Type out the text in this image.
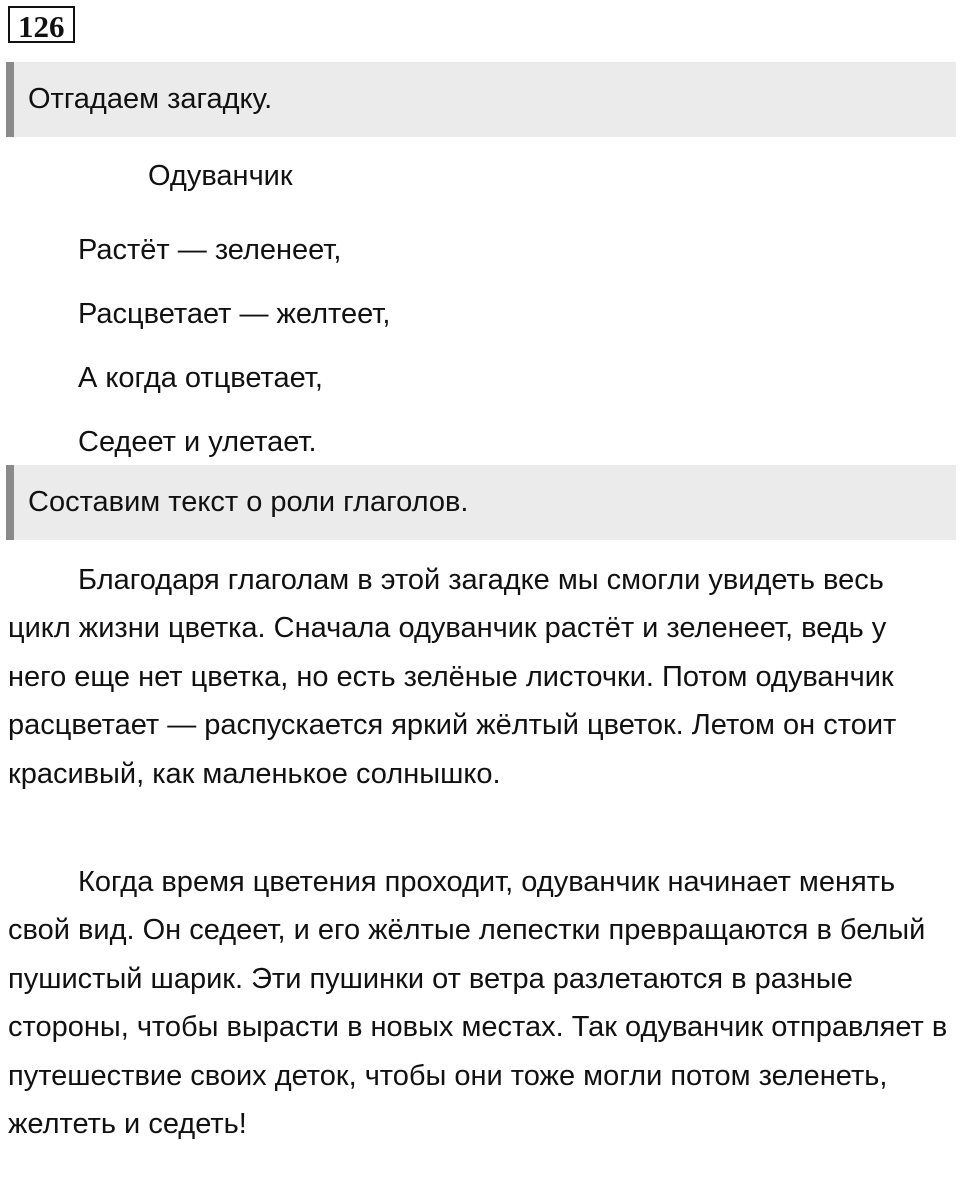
126
Отгадаем загадку.
Одуванчик
Растёт — зеленеет,
Расцветает — желтеет,
А когда отцветает,
Седеет и улетает.
Составим текст о роли глаголов.

Благодаря глаголам в этой загадке мы смогли увидеть весь цикл жизни цветка. Сначала одуванчик растёт и зеленеет, ведь у него еще нет цветка, но есть зелёные листочки. Потом одуванчик расцветает — распускается яркий жёлтый цветок. Летом он стоит красивый, как маленькое солнышко.

Когда время цветения проходит, одуванчик начинает менять свой вид. Он седеет, и его жёлтые лепестки превращаются в белый пушистый шарик. Эти пушинки от ветра разлетаются в разные стороны, чтобы вырасти в новых местах. Так одуванчик отправляет в путешествие своих деток, чтобы они тоже могли потом зеленеть, желтеть и седеть!
